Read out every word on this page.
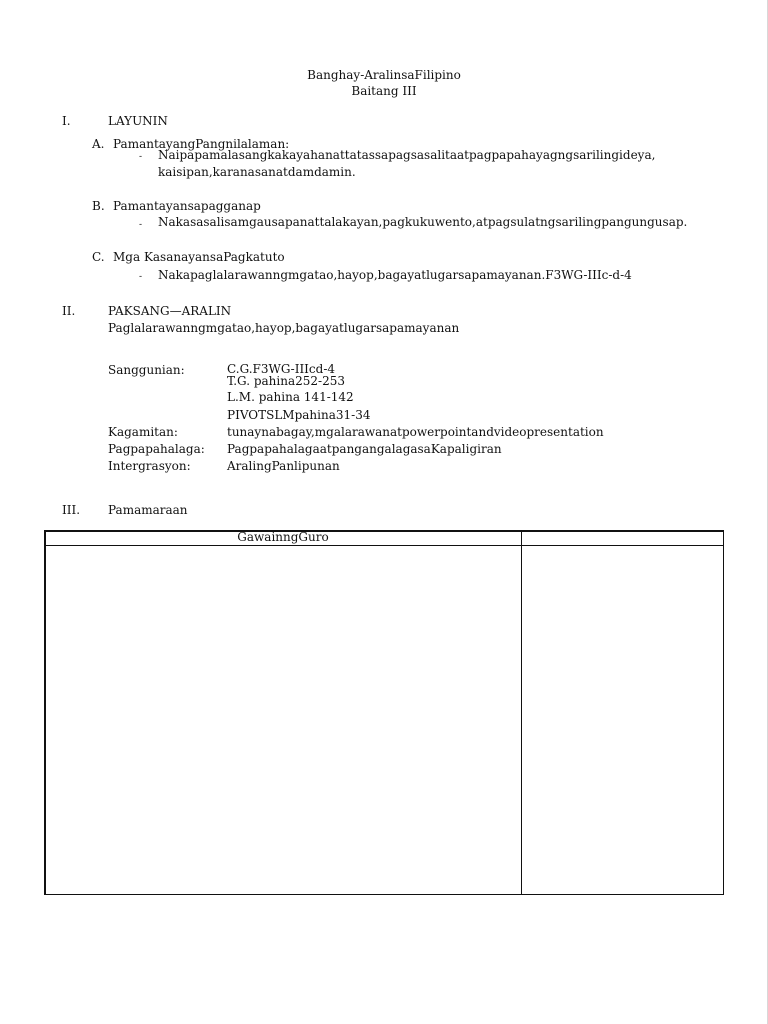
Banghay-AralinsaFilipino
Baitang III
I.	LAYUNIN
A. PamantayangPangnilalaman:
- Naipapamalasangkakayahanattatassapagsasalitaatpagpapahayagngsarilingideya,
kaisipan,karanasanatdamdamin.
B. Pamantayansapagganap
- Nakasasalisamgausapanattalakayan,pagkukuwento,atpagsulatngsarilingpangungusap.
C. Mga KasanayansaPagkatuto
- Nakapaglalarawanngmgatao,hayop,bagayatlugarsapamayanan.F3WG-IIIc-d-4
II.	PAKSANG—ARALIN
Paglalarawanngmgatao,hayop,bagayatlugarsapamayanan
Sanggunian:	C.G.F3WG-IIIcd-4
T.G. pahina252-253
L.M. pahina 141-142
PIVOTSLMpahina31-34
Kagamitan:	tunaynabagay,mgalarawanatpowerpointandvideopresentation
Pagpapahalaga: PagpapahalagaatpangangalagasaKapaligiran
Intergrasyon:	AralingPanlipunan
III. Pamamaraan
GawainngGuro	
